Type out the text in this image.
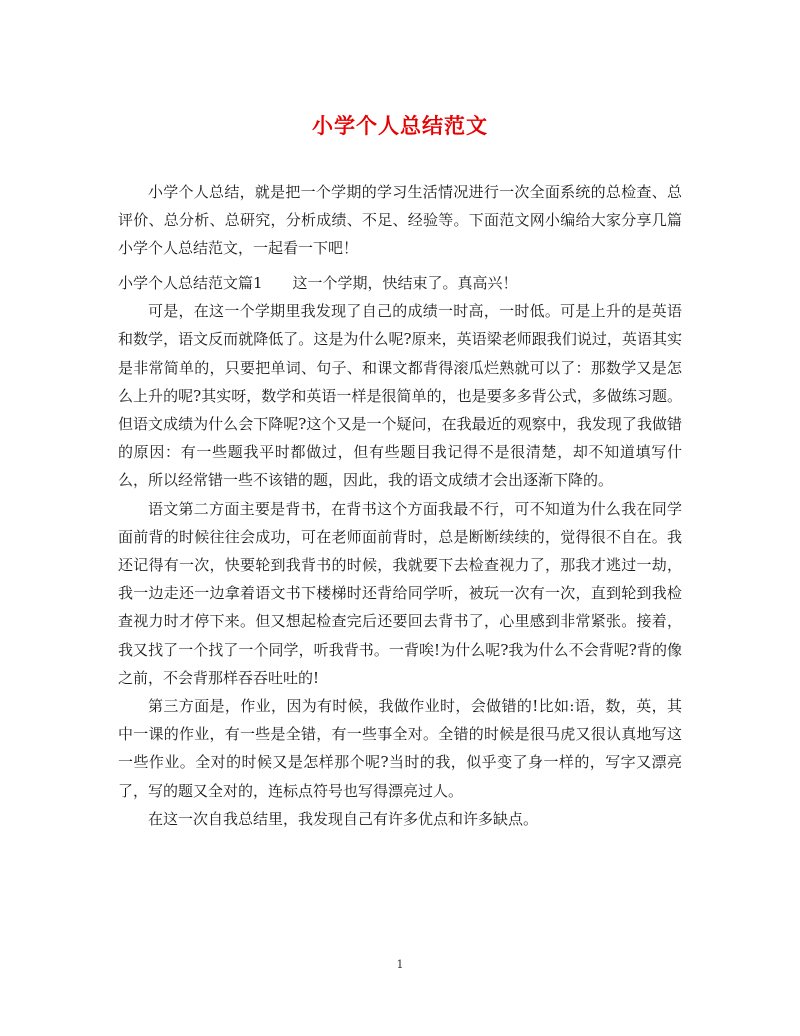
小学个人总结范文

小学个人总结，就是把一个学期的学习生活情况进行一次全面系统的总检查、总评价、总分析、总研究，分析成绩、不足、经验等。下面范文网小编给大家分享几篇小学个人总结范文，一起看一下吧！

小学个人总结范文篇1 这一个学期，快结束了。真高兴！

可是，在这一个学期里我发现了自己的成绩一时高，一时低。可是上升的是英语和数学，语文反而就降低了。这是为什么呢?原来，英语梁老师跟我们说过，英语其实是非常简单的，只要把单词、句子、和课文都背得滚瓜烂熟就可以了：那数学又是怎么上升的呢?其实呀，数学和英语一样是很简单的，也是要多多背公式，多做练习题。但语文成绩为什么会下降呢?这个又是一个疑问，在我最近的观察中，我发现了我做错的原因：有一些题我平时都做过，但有些题目我记得不是很清楚，却不知道填写什么，所以经常错一些不该错的题，因此，我的语文成绩才会出逐渐下降的。

语文第二方面主要是背书，在背书这个方面我最不行，可不知道为什么我在同学面前背的时候往往会成功，可在老师面前背时，总是断断续续的，觉得很不自在。我还记得有一次，快要轮到我背书的时候，我就要下去检查视力了，那我才逃过一劫，我一边走还一边拿着语文书下楼梯时还背给同学听，被玩一次有一次，直到轮到我检查视力时才停下来。但又想起检查完后还要回去背书了，心里感到非常紧张。接着，我又找了一个找了一个同学，听我背书。一背唉!为什么呢?我为什么不会背呢?背的像之前，不会背那样吞吞吐吐的!

第三方面是，作业，因为有时候，我做作业时，会做错的!比如:语，数，英，其中一课的作业，有一些是全错，有一些事全对。全错的时候是很马虎又很认真地写这一些作业。全对的时候又是怎样那个呢?当时的我，似乎变了身一样的，写字又漂亮了，写的题又全对的，连标点符号也写得漂亮过人。

在这一次自我总结里，我发现自己有许多优点和许多缺点。

1
